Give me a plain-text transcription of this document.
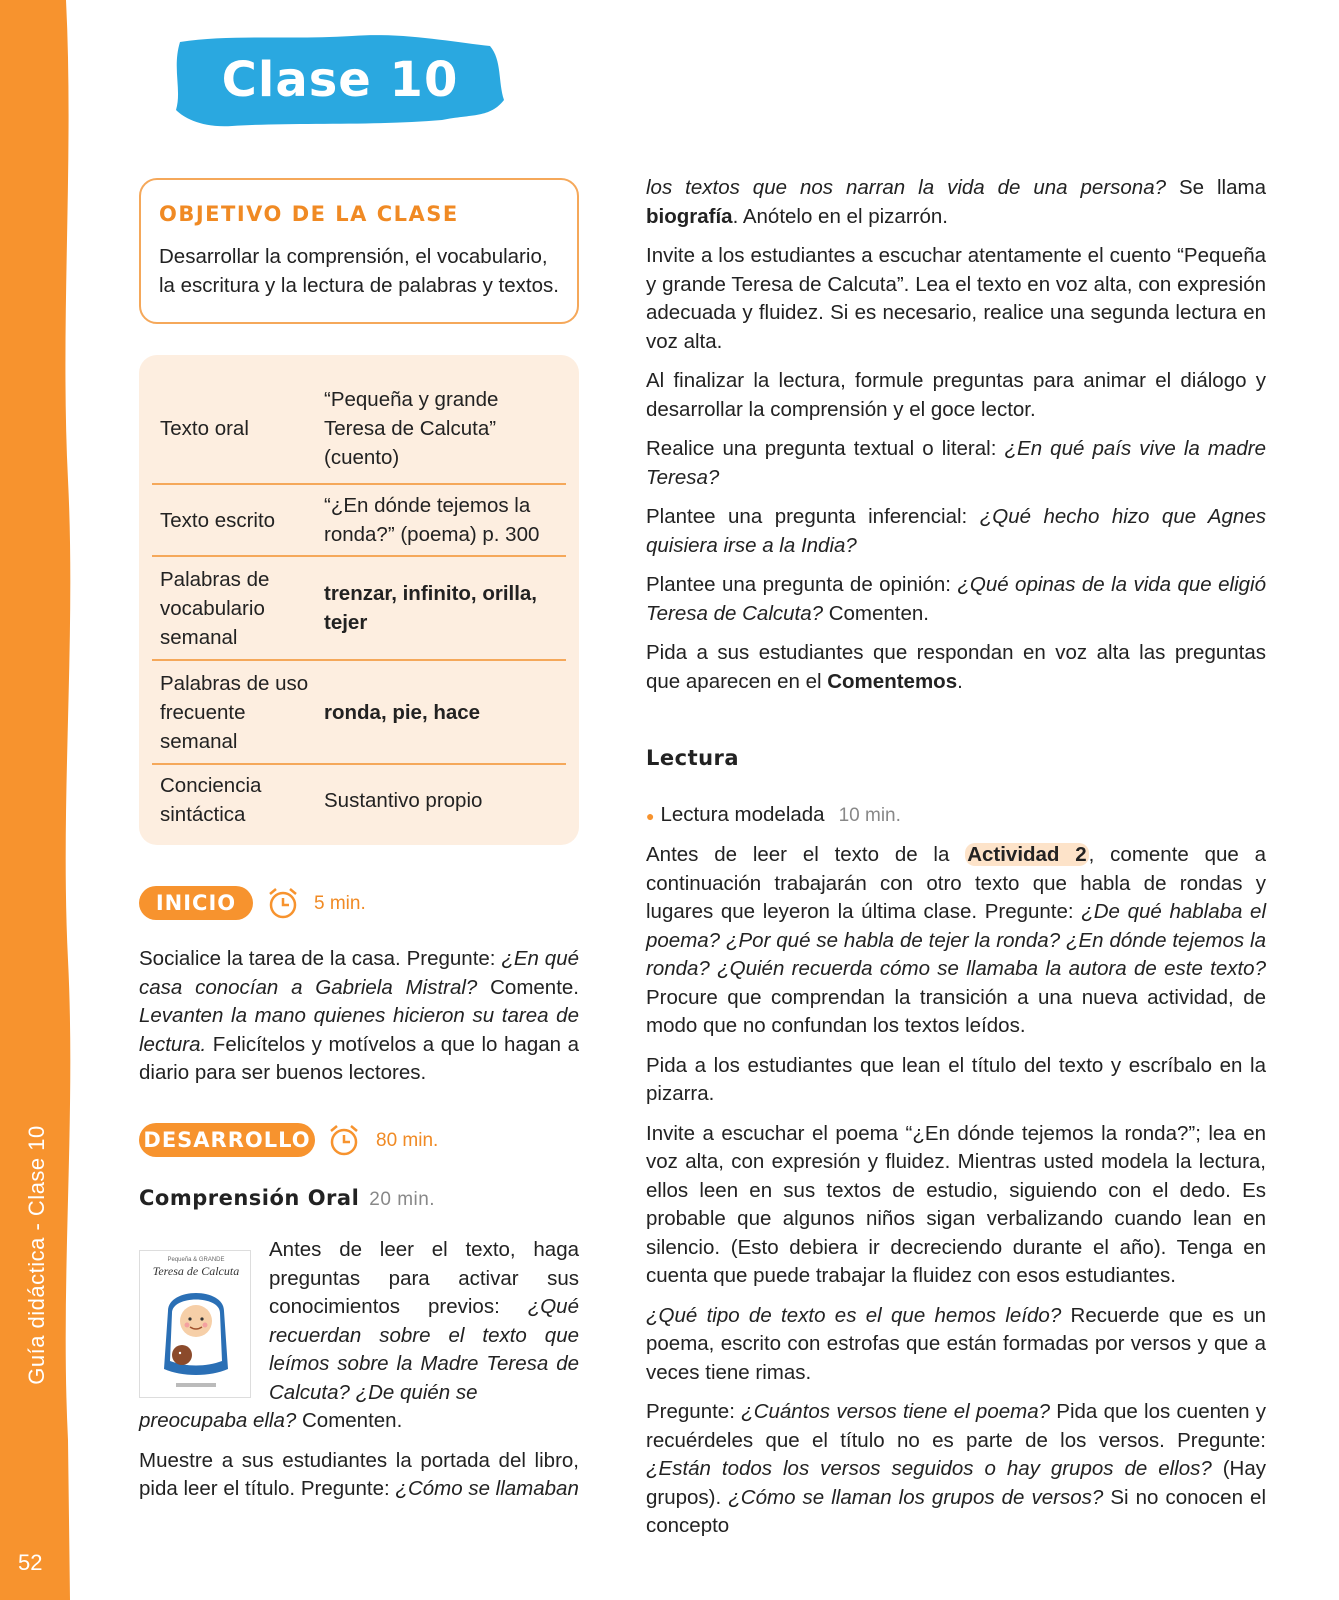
Guía didáctica - Clase 10
52
Clase 10
OBJETIVO DE LA CLASE

Desarrollar la comprensión, el vocabulario, la escritura y la lectura de palabras y textos.

Texto oral
“Pequeña y grande Teresa de Calcuta” (cuento)
Texto escrito
“¿En dónde tejemos la ronda?” (poema) p. 300
Palabras de vocabulario semanal
trenzar, infinito, orilla, tejer
Palabras de uso frecuente semanal
ronda, pie, hace
Conciencia sintáctica
Sustantivo propio
INICIO	5 min.

Socialice la tarea de la casa. Pregunte: ¿En qué casa conocían a Gabriela Mistral? Comente. Levanten la mano quienes hicieron su tarea de lectura. Felicítelos y motívelos a que lo hagan a diario para ser buenos lectores.

DESARROLLO	80 min.
Comprensión Oral 20 min.
Pequeña & GRANDE
Teresa de Calcuta

Antes de leer el texto, haga preguntas para activar sus conocimientos previos: ¿Qué recuerdan sobre el texto que leímos sobre la Madre Teresa de Calcuta? ¿De quién se

preocupaba ella? Comenten.

Muestre a sus estudiantes la portada del libro, pida leer el título. Pregunte: ¿Cómo se llamaban

los textos que nos narran la vida de una persona? Se llama biografía. Anótelo en el pizarrón.

Invite a los estudiantes a escuchar atentamente el cuento “Pequeña y grande Teresa de Calcuta”. Lea el texto en voz alta, con expresión adecuada y fluidez. Si es necesario, realice una segunda lectura en voz alta.

Al finalizar la lectura, formule preguntas para animar el diálogo y desarrollar la comprensión y el goce lector.

Realice una pregunta textual o literal: ¿En qué país vive la madre Teresa?

Plantee una pregunta inferencial: ¿Qué hecho hizo que Agnes quisiera irse a la India?

Plantee una pregunta de opinión: ¿Qué opinas de la vida que eligió Teresa de Calcuta? Comenten.

Pida a sus estudiantes que respondan en voz alta las preguntas que aparecen en el Comentemos.

Lectura
● Lectura modelada 10 min.

Antes de leer el texto de la Actividad 2, comente que a continuación trabajarán con otro texto que habla de rondas y lugares que leyeron la última clase. Pregunte: ¿De qué hablaba el poema? ¿Por qué se habla de tejer la ronda? ¿En dónde tejemos la ronda? ¿Quién recuerda cómo se llamaba la autora de este texto? Procure que comprendan la transición a una nueva actividad, de modo que no confundan los textos leídos.

Pida a los estudiantes que lean el título del texto y escríbalo en la pizarra.

Invite a escuchar el poema “¿En dónde tejemos la ronda?”; lea en voz alta, con expresión y fluidez. Mientras usted modela la lectura, ellos leen en sus textos de estudio, siguiendo con el dedo. Es probable que algunos niños sigan verbalizando cuando lean en silencio. (Esto debiera ir decreciendo durante el año). Tenga en cuenta que puede trabajar la fluidez con esos estudiantes.

¿Qué tipo de texto es el que hemos leído? Recuerde que es un poema, escrito con estrofas que están formadas por versos y que a veces tiene rimas.

Pregunte: ¿Cuántos versos tiene el poema? Pida que los cuenten y recuérdeles que el título no es parte de los versos. Pregunte: ¿Están todos los versos seguidos o hay grupos de ellos? (Hay grupos). ¿Cómo se llaman los grupos de versos? Si no conocen el concepto
